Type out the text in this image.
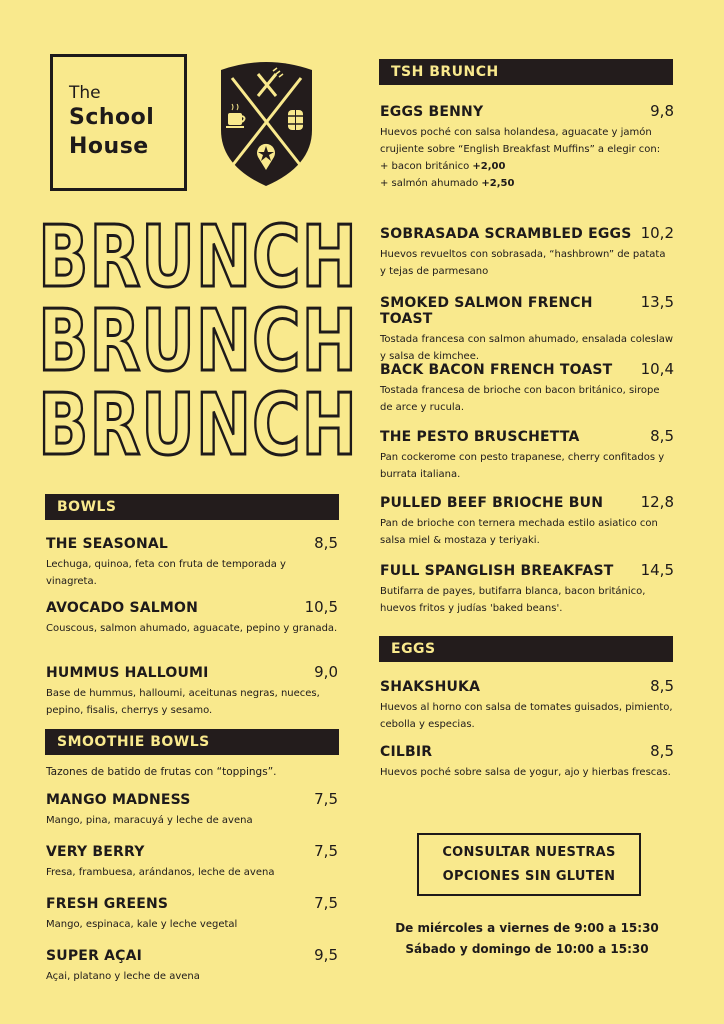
The
School
House
BRUNCH
BRUNCH
BRUNCH
BOWLS
THE SEASONAL	8,5
Lechuga, quinoa, feta con fruta de temporada y vinagreta.
AVOCADO SALMON	10,5
Couscous, salmon ahumado, aguacate, pepino y granada.
HUMMUS HALLOUMI	9,0
Base de hummus, halloumi, aceitunas negras, nueces, pepino, fisalis, cherrys y sesamo.
SMOOTHIE BOWLS
Tazones de batido de frutas con “toppings”.
MANGO MADNESS	7,5
Mango, pina, maracuyá y leche de avena
VERY BERRY	7,5
Fresa, frambuesa, arándanos, leche de avena
FRESH GREENS	7,5
Mango, espinaca, kale y leche vegetal
SUPER AÇAI	9,5
Açai, platano y leche de avena
TSH BRUNCH
EGGS BENNY	9,8
Huevos poché con salsa holandesa, aguacate y jamón crujiente sobre “English Breakfast Muffins” a elegir con:
+ bacon británico +2,00
+ salmón ahumado +2,50
SOBRASADA SCRAMBLED EGGS 10,2
Huevos revueltos con sobrasada, “hashbrown” de patata y tejas de parmesano
SMOKED SALMON FRENCH TOAST
13,5
Tostada francesa con salmon ahumado, ensalada coleslaw y salsa de kimchee.
BACK BACON FRENCH TOAST 10,4
Tostada francesa de brioche con bacon británico, sirope de arce y rucula.
THE PESTO BRUSCHETTA	8,5
Pan cockerome con pesto trapanese, cherry confitados y burrata italiana.
PULLED BEEF BRIOCHE BUN 12,8
Pan de brioche con ternera mechada estilo asiatico con salsa miel & mostaza y teriyaki.
FULL SPANGLISH BREAKFAST 14,5
Butifarra de payes, butifarra blanca, bacon británico, huevos fritos y judías 'baked beans'.
EGGS
SHAKSHUKA	8,5
Huevos al horno con salsa de tomates guisados, pimiento, cebolla y especias.
CILBIR	8,5
Huevos poché sobre salsa de yogur, ajo y hierbas frescas.
CONSULTAR NUESTRAS
OPCIONES SIN GLUTEN
De miércoles a viernes de 9:00 a 15:30
Sábado y domingo de 10:00 a 15:30
